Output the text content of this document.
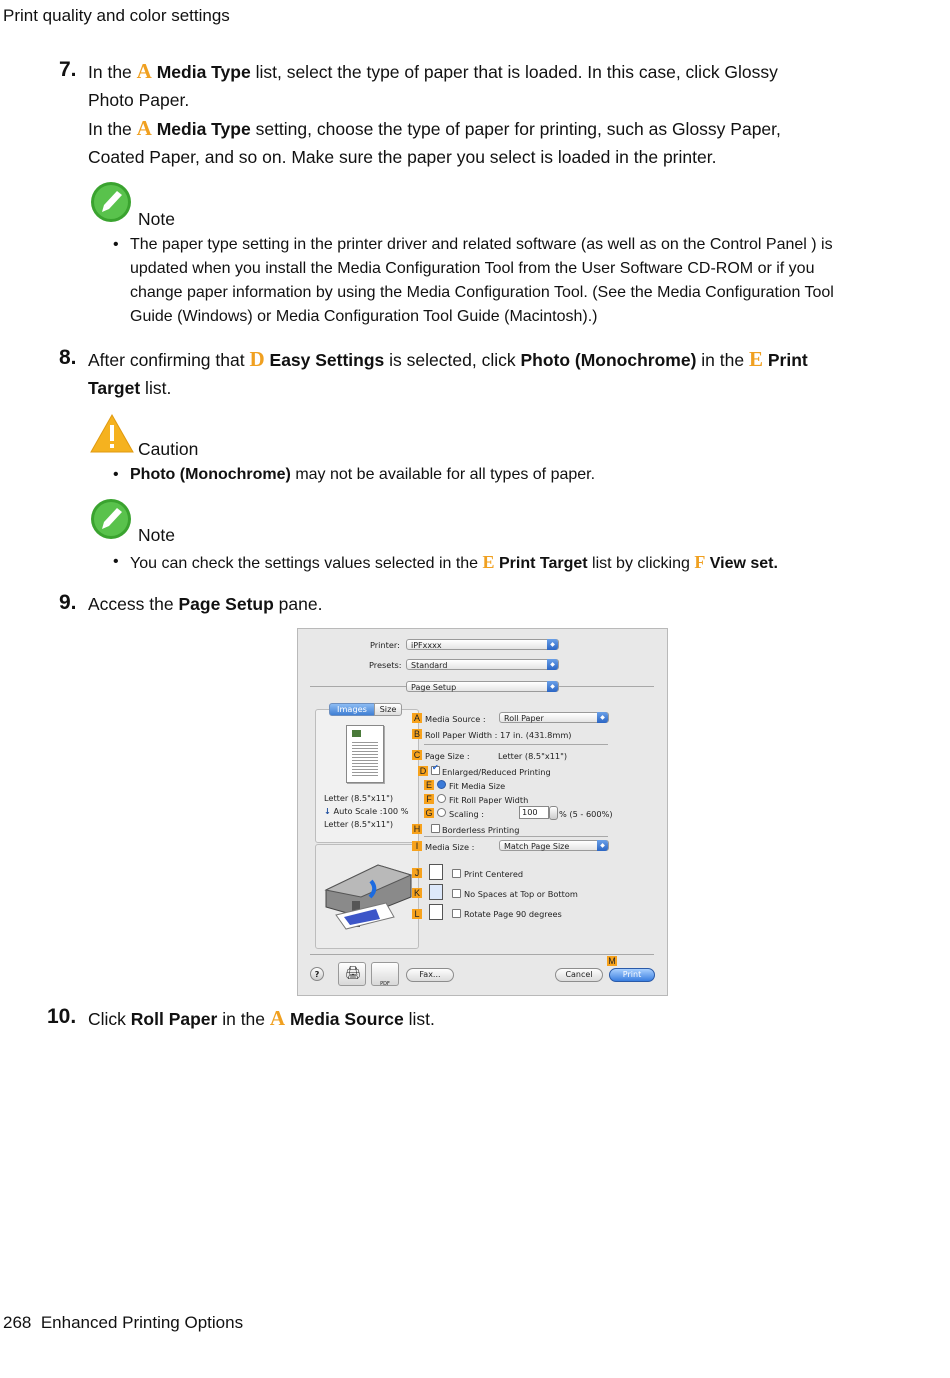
Print quality and color settings
7. In the A Media Type list, select the type of paper that is loaded. In this case, click Glossy
Photo Paper.
In the A Media Type setting, choose the type of paper for printing, such as Glossy Paper,
Coated Paper, and so on. Make sure the paper you select is loaded in the printer.
Note
• The paper type setting in the printer driver and related software (as well as on the Control Panel ) is
updated when you install the Media Configuration Tool from the User Software CD-ROM or if you
change paper information by using the Media Configuration Tool. (See the Media Configuration Tool
Guide (Windows) or Media Configuration Tool Guide (Macintosh).)
8. After confirming that D Easy Settings is selected, click Photo (Monochrome) in the E Print
Target list.
Caution
• Photo (Monochrome) may not be available for all types of paper.
Note
• You can check the settings values selected in the E Print Target list by clicking F View set.
9. Access the Page Setup pane.
Printer:	iPFxxxx	◆
Presets:	Standard	◆
Page Setup	◆
Images	Size
Letter (8.5"x11")
↓ Auto Scale :100 %
Letter (8.5"x11")
A Media Source :	Roll Paper	◆
B Roll Paper Width : 17 in. (431.8mm)
C Page Size :	Letter (8.5"x11")
D ✔ Enlarged/Reduced Printing
E Fit Media Size
F Fit Roll Paper Width
G Scaling :	100	% (5 - 600%)
H	Borderless Printing
I Media Size :	Match Page Size	◆
J	Print Centered
K	No Spaces at Top or Bottom
L	Rotate Page 90 degrees
?	🖨
$_{PDF}$
Fax...	Cancel
M
Print
10. Click Roll Paper in the A Media Source list.
268 Enhanced Printing Options
